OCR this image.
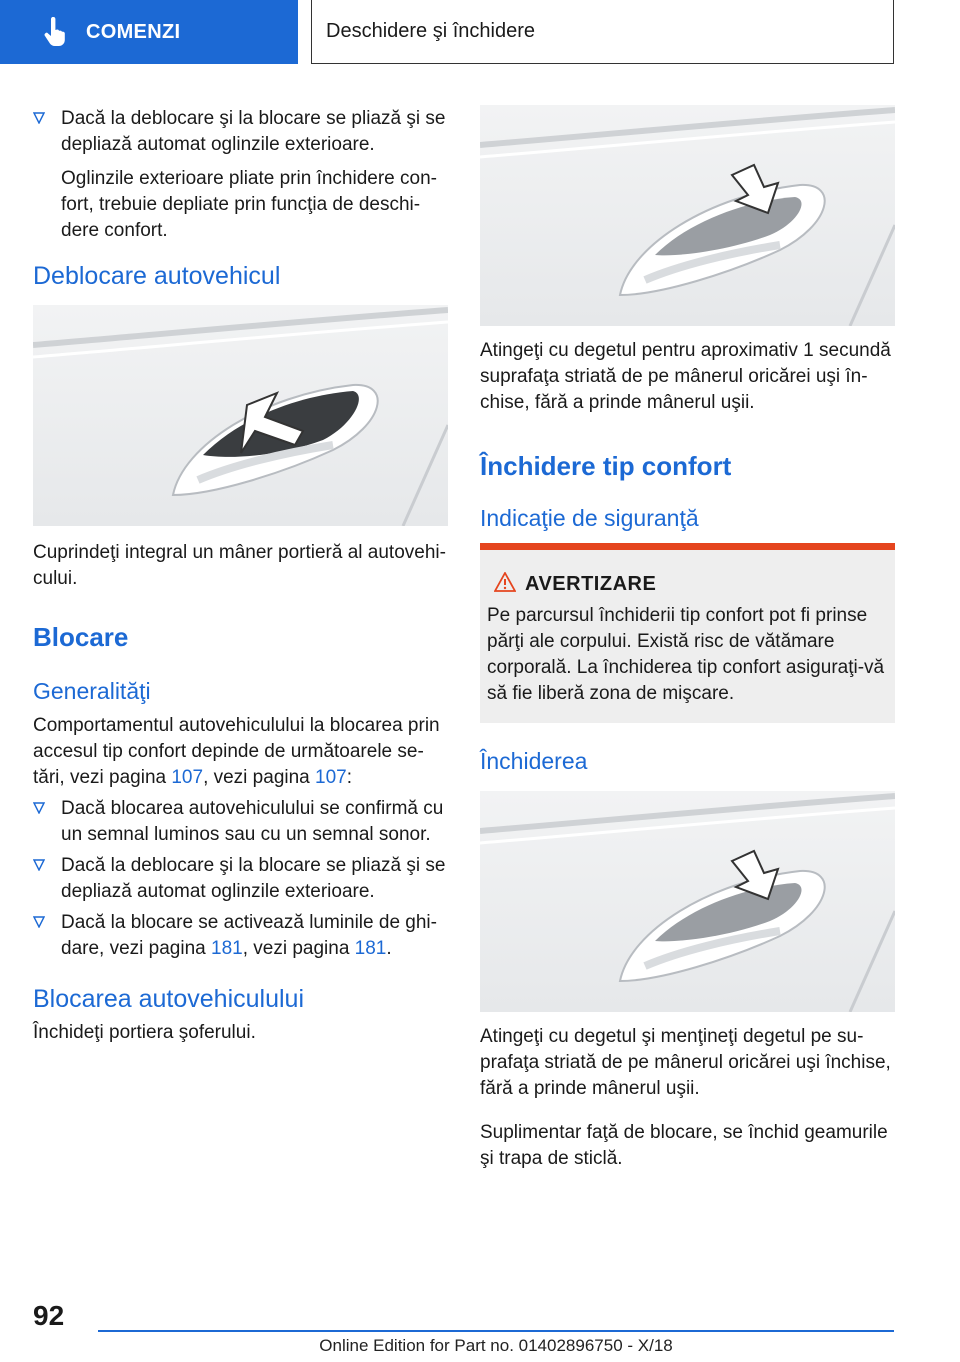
COMENZI	Deschidere şi închidere
Dacă la deblocare şi la blocare se pliază şi se depliază automat oglinzile exterioare.
Oglinzile exterioare pliate prin închidere confort, trebuie depliate prin funcţia de deschidere confort.
Deblocare autovehicul

Cuprindeţi integral un mâner portieră al autovehicului.

Blocare
Generalităţi

Comportamentul autovehiculului la blocarea prin accesul tip confort depinde de următoarele setări, vezi pagina 107, vezi pagina 107:

Dacă blocarea autovehiculului se confirmă cu un semnal luminos sau cu un semnal sonor.
Dacă la deblocare şi la blocare se pliază şi se depliază automat oglinzile exterioare.
Dacă la blocare se activează luminile de ghidare, vezi pagina 181, vezi pagina 181.
Blocarea autovehiculului

Închideţi portiera şoferului.

Atingeţi cu degetul pentru aproximativ 1 secundă suprafaţa striată de pe mânerul oricărei uşi închise, fără a prinde mânerul uşii.

Închidere tip confort
Indicaţie de siguranţă
AVERTIZARE
Pe parcursul închiderii tip confort pot fi prinse părţi ale corpului. Există risc de vătămare corporală. La închiderea tip confort asiguraţi-vă să fie liberă zona de mişcare.
Închiderea

Atingeţi cu degetul şi menţineţi degetul pe suprafaţa striată de pe mânerul oricărei uşi închise, fără a prinde mânerul uşii.

Suplimentar faţă de blocare, se închid geamurile şi trapa de sticlă.

92
Online Edition for Part no. 01402896750 - X/18
